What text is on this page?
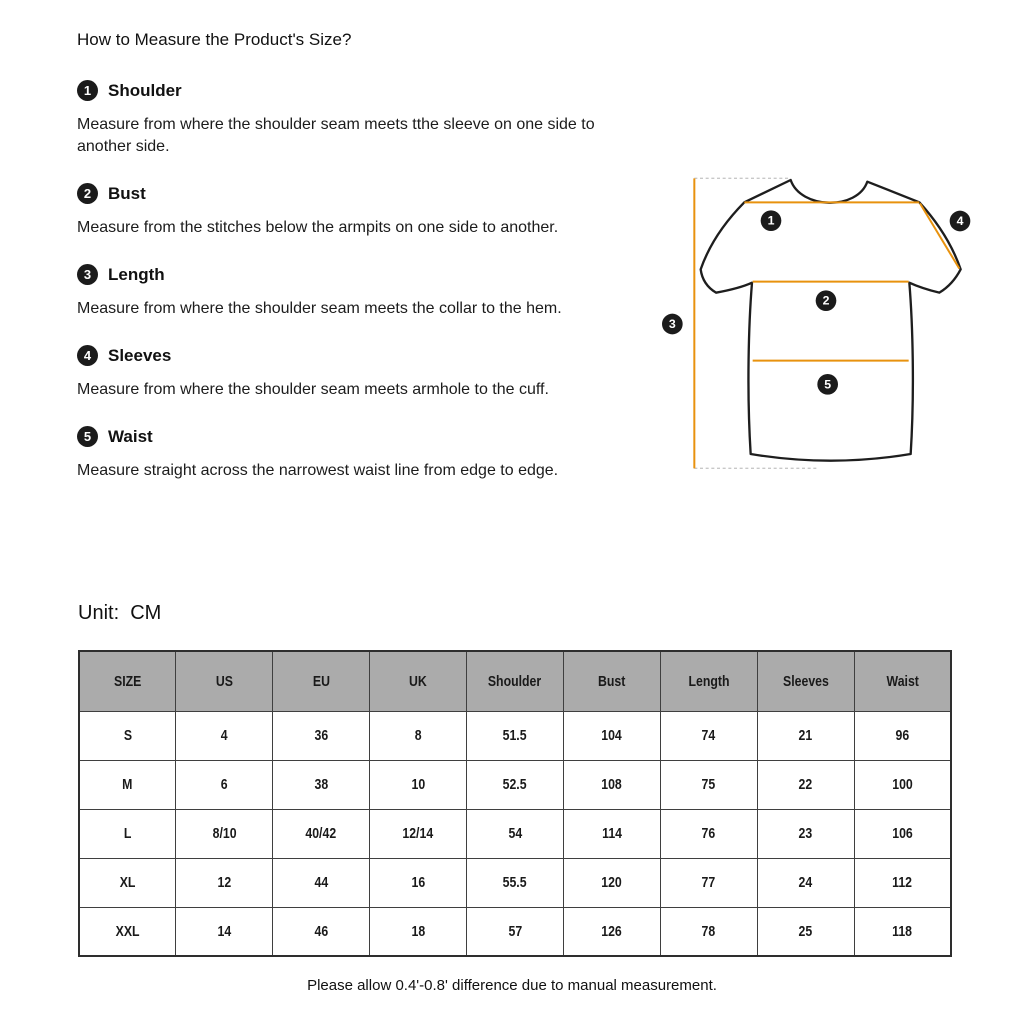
How to Measure the Product's Size?
1 Shoulder
Measure from where the shoulder seam meets tthe sleeve on one side to another side.
2 Bust
Measure from the stitches below the armpits on one side to another.
3 Length
Measure from where the shoulder seam meets the collar to the hem.
4 Sleeves
Measure from where the shoulder seam meets armhole to the cuff.
5 Waist
Measure straight across the narrowest waist line from edge to edge.
1
2
3
4
5
Unit:  CM
SIZE	US	EU	UK	Shoulder	Bust	Length	Sleeves	Waist
S	4	36	8	51.5	104	74	21	96
M	6	38	10	52.5	108	75	22	100
L	8/10	40/42	12/14	54	114	76	23	106
XL	12	44	16	55.5	120	77	24	112
XXL	14	46	18	57	126	78	25	118
Please allow 0.4'-0.8' difference due to manual measurement.
